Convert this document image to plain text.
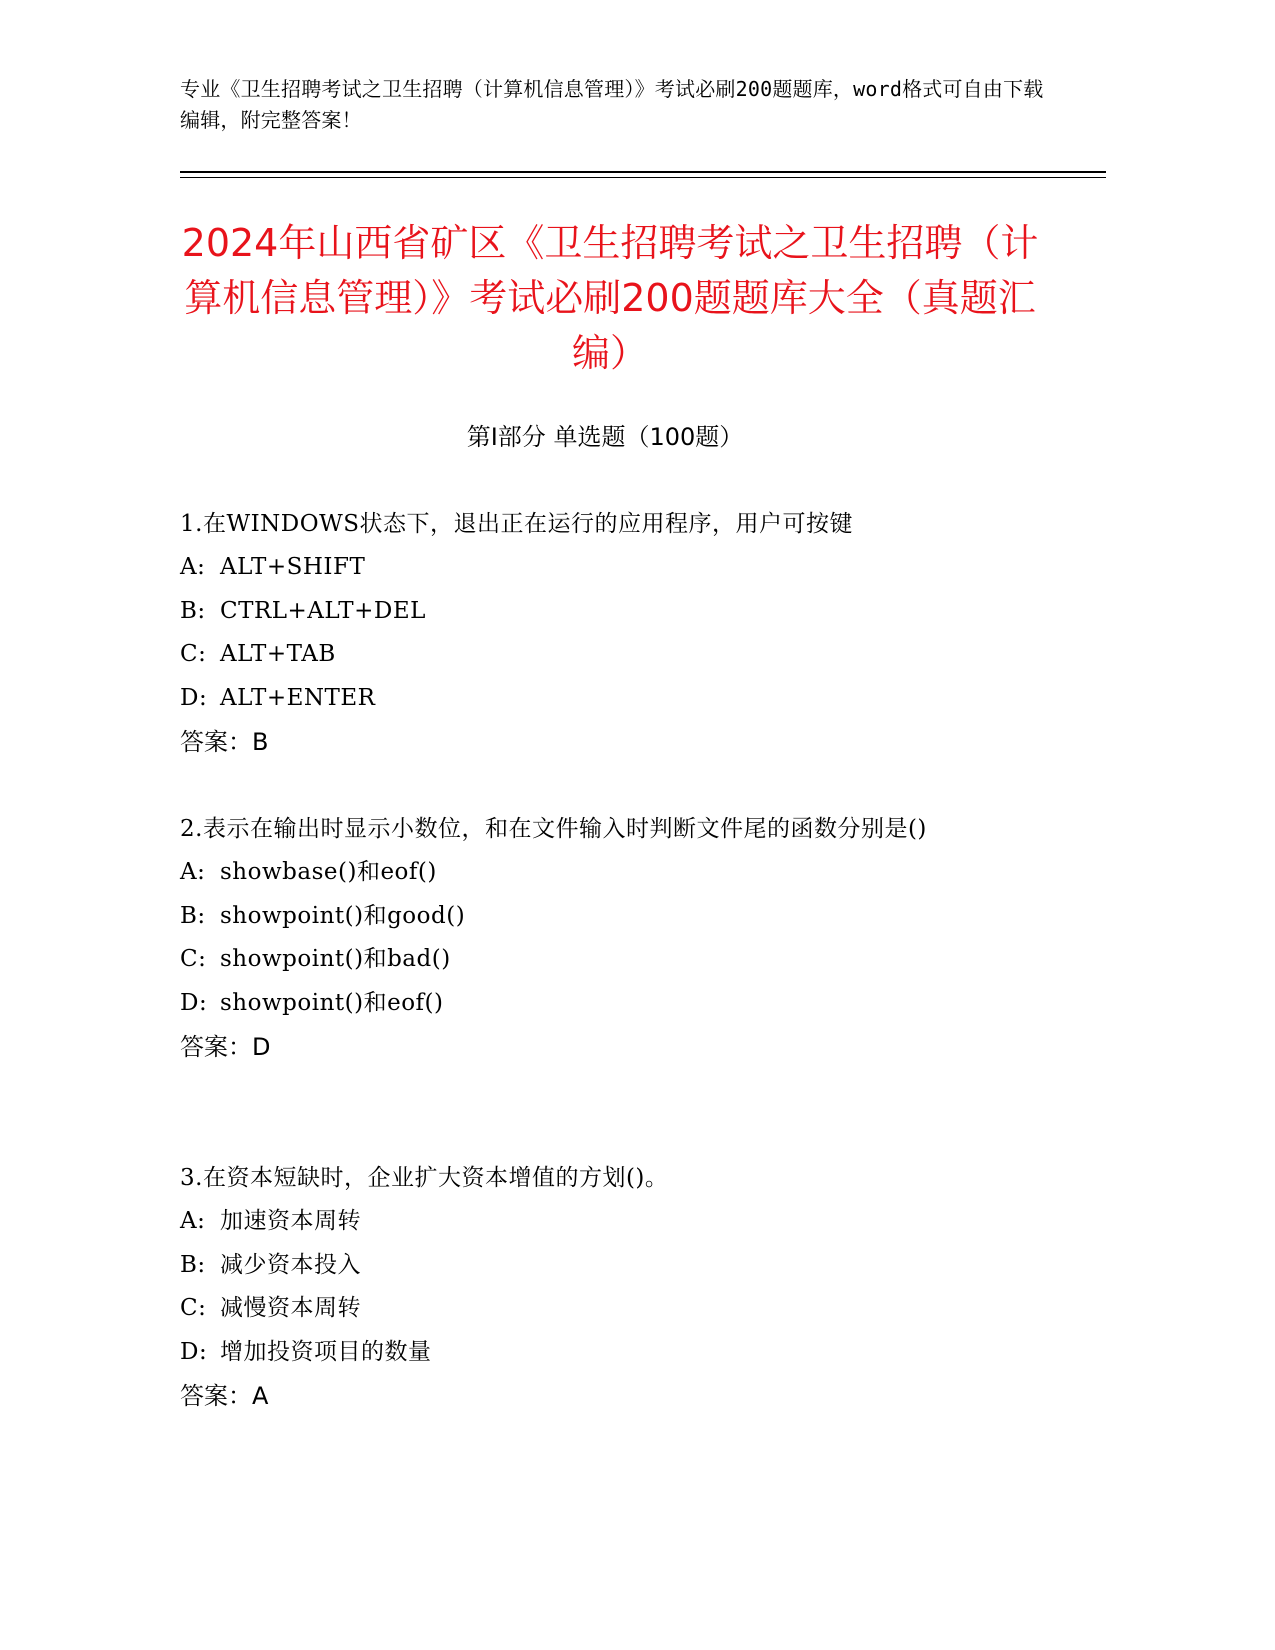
专业《卫生招聘考试之卫生招聘（计算机信息管理）》考试必刷200题题库，word格式可自由下载编辑，附完整答案！
2024年山西省矿区《卫生招聘考试之卫生招聘（计算机信息管理）》考试必刷200题题库大全（真题汇编）
第Ⅰ部分 单选题（100题）
1.在WINDOWS状态下，退出正在运行的应用程序，用户可按键
A: ALT+SHIFT
B: CTRL+ALT+DEL
C: ALT+TAB
D: ALT+ENTER
答案：B
2.表示在输出时显示小数位，和在文件输入时判断文件尾的函数分别是()
A: showbase()和eof()
B: showpoint()和good()
C: showpoint()和bad()
D: showpoint()和eof()
答案：D
3.在资本短缺时，企业扩大资本增值的方划()。
A: 加速资本周转
B: 减少资本投入
C: 减慢资本周转
D: 增加投资项目的数量
答案：A
